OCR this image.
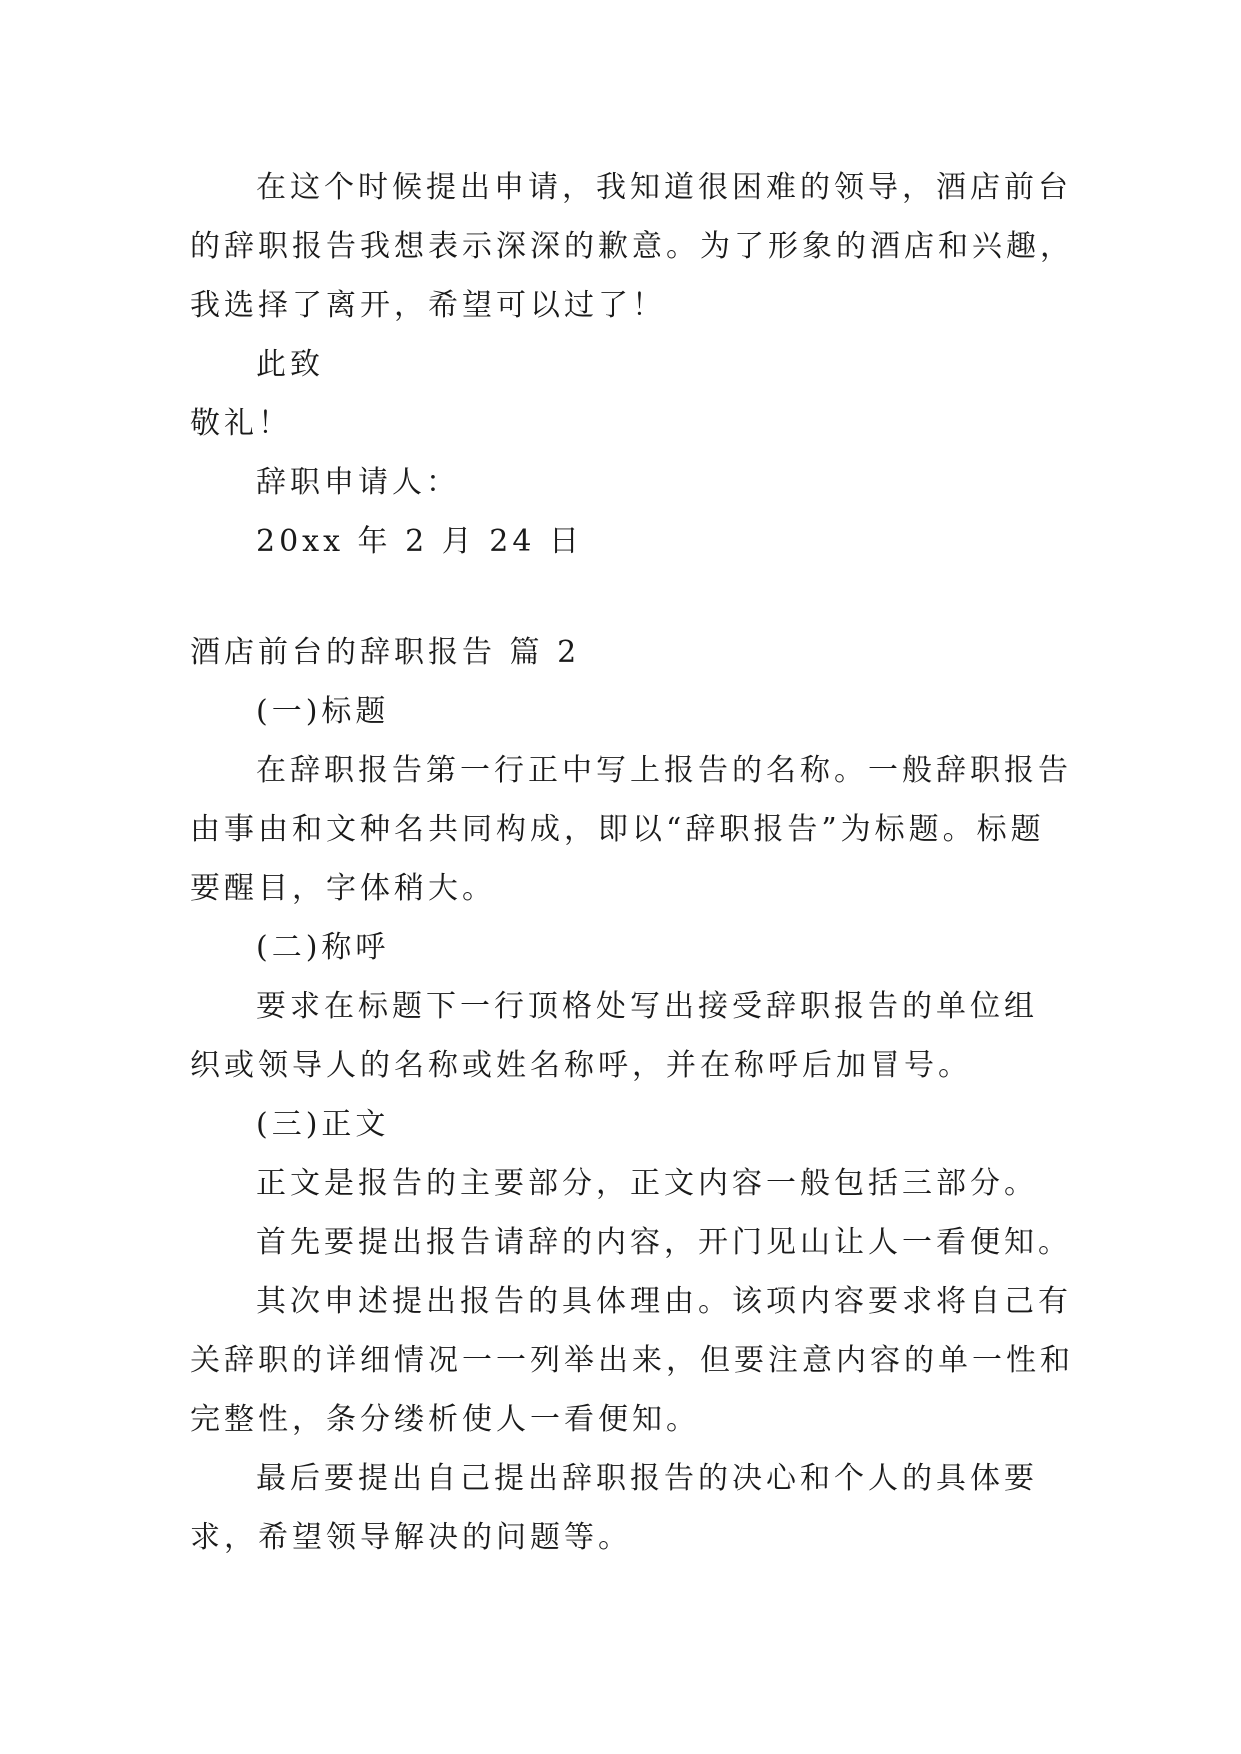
在这个时候提出申请，我知道很困难的领导，酒店前台
的辞职报告我想表示深深的歉意。为了形象的酒店和兴趣，
我选择了离开，希望可以过了！
此致
敬礼！
辞职申请人：
20xx 年 2 月 24 日
酒店前台的辞职报告 篇 2
(一)标题
在辞职报告第一行正中写上报告的名称。一般辞职报告
由事由和文种名共同构成，即以“辞职报告”为标题。标题
要醒目，字体稍大。
(二)称呼
要求在标题下一行顶格处写出接受辞职报告的单位组
织或领导人的名称或姓名称呼，并在称呼后加冒号。
(三)正文
正文是报告的主要部分，正文内容一般包括三部分。
首先要提出报告请辞的内容，开门见山让人一看便知。
其次申述提出报告的具体理由。该项内容要求将自己有
关辞职的详细情况一一列举出来，但要注意内容的单一性和
完整性，条分缕析使人一看便知。
最后要提出自己提出辞职报告的决心和个人的具体要
求，希望领导解决的问题等。
